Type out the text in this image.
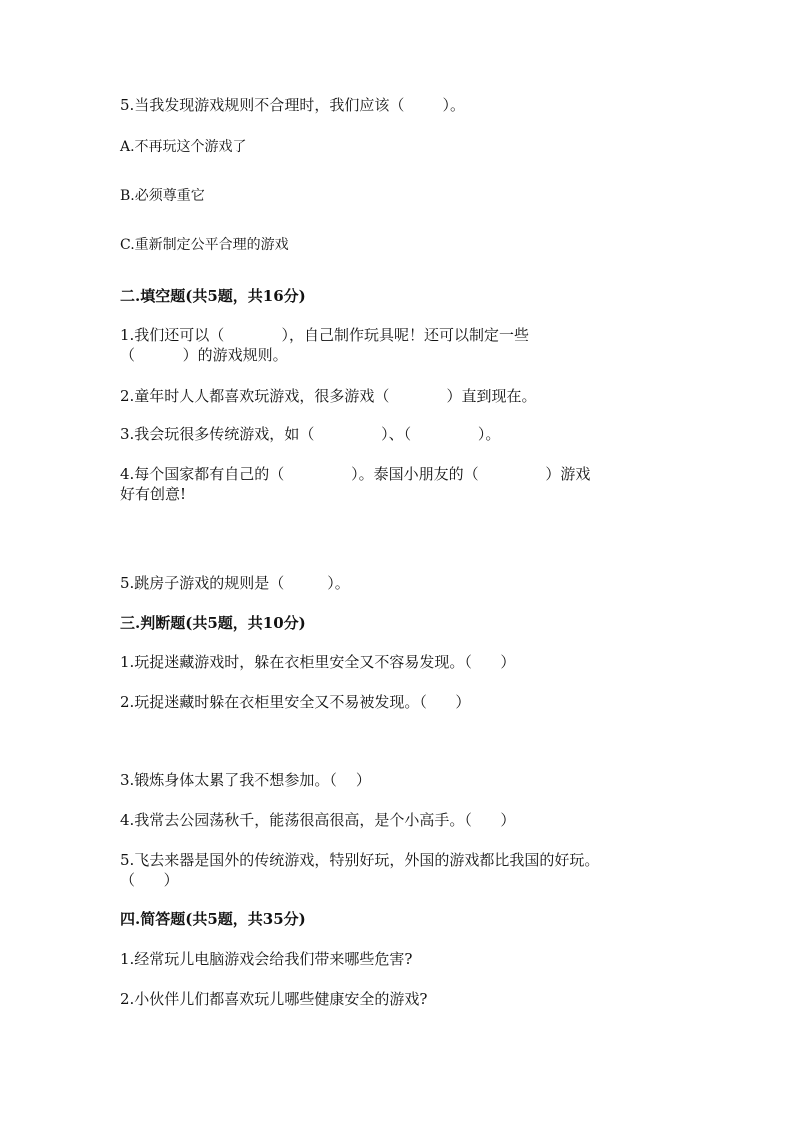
5.当我发现游戏规则不合理时，我们应该（        ）。
A.不再玩这个游戏了
B.必须尊重它
C.重新制定公平合理的游戏
二.填空题(共5题，共16分)
1.我们还可以（            ），自己制作玩具呢！还可以制定一些
（          ）的游戏规则。
2.童年时人人都喜欢玩游戏，很多游戏（            ）直到现在。
3.我会玩很多传统游戏，如（              ）、（              ）。
4.每个国家都有自己的（              ）。泰国小朋友的（              ）游戏
好有创意!
5.跳房子游戏的规则是（         ）。
三.判断题(共5题，共10分)
1.玩捉迷藏游戏时，躲在衣柜里安全又不容易发现。（      ）
2.玩捉迷藏时躲在衣柜里安全又不易被发现。（      ）
3.锻炼身体太累了我不想参加。（    ）
4.我常去公园荡秋千，能荡很高很高，是个小高手。（      ）
5.飞去来器是国外的传统游戏，特别好玩，外国的游戏都比我国的好玩。
（      ）
四.简答题(共5题，共35分)
1.经常玩儿电脑游戏会给我们带来哪些危害?
2.小伙伴儿们都喜欢玩儿哪些健康安全的游戏?
